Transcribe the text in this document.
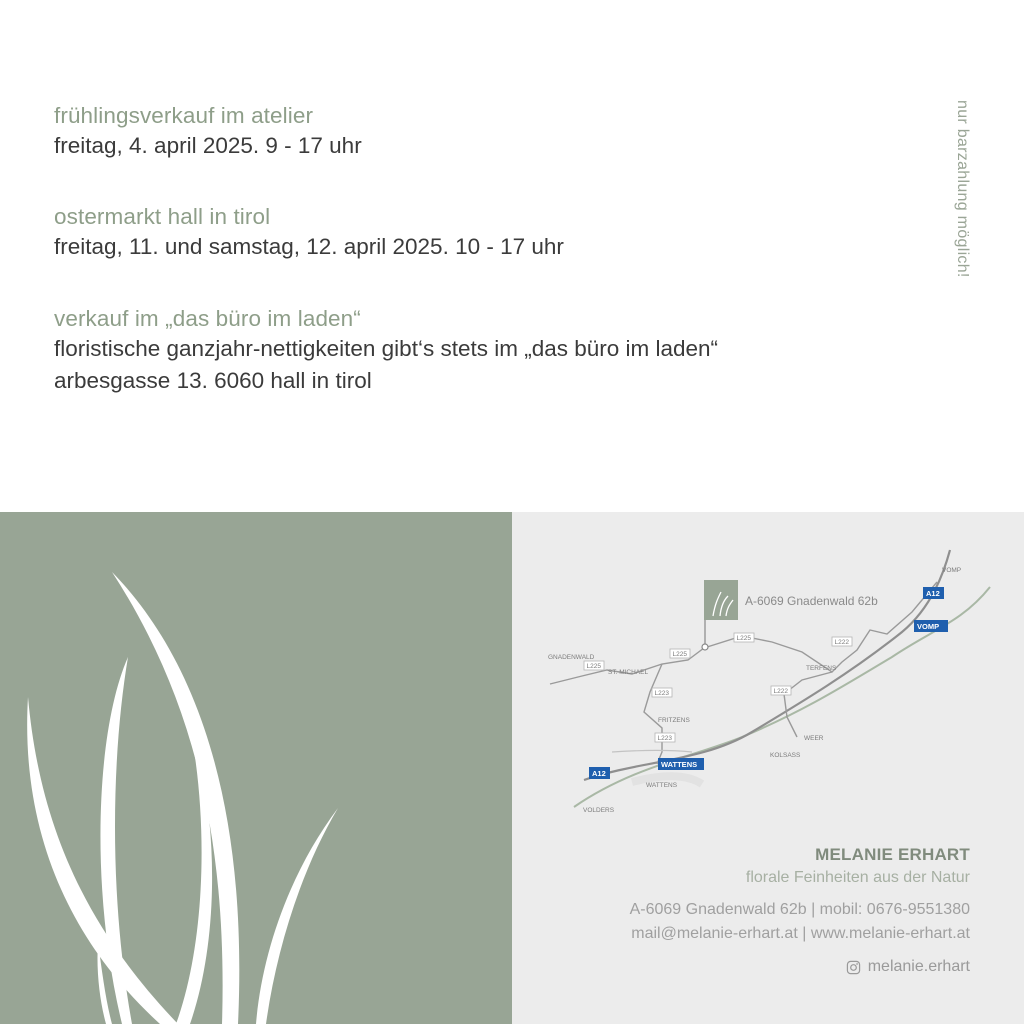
frühlingsverkauf im atelier

freitag, 4. april 2025. 9 - 17 uhr

ostermarkt hall in tirol

freitag, 11. und samstag, 12. april 2025. 10 - 17 uhr

verkauf im „das büro im laden“

floristische ganzjahr-nettigkeiten gibt‘s stets im „das büro im laden“

arbesgasse 13. 6060 hall in tirol

nur barzahlung möglich!
A-6069 Gnadenwald 62b
VOMP
GNADENWALD
ST. MICHAEL
TERFENS
FRITZENS
WEER
KOLSASS
WATTENS
VOLDERS
L225
L225
L225
L222
L222
L223
L223
A12
A12
VOMP
WATTENS
MELANIE ERHART
florale Feinheiten aus der Natur
A-6069 Gnadenwald 62b | mobil: 0676-9551380
mail@melanie-erhart.at | www.melanie-erhart.at
melanie.erhart
